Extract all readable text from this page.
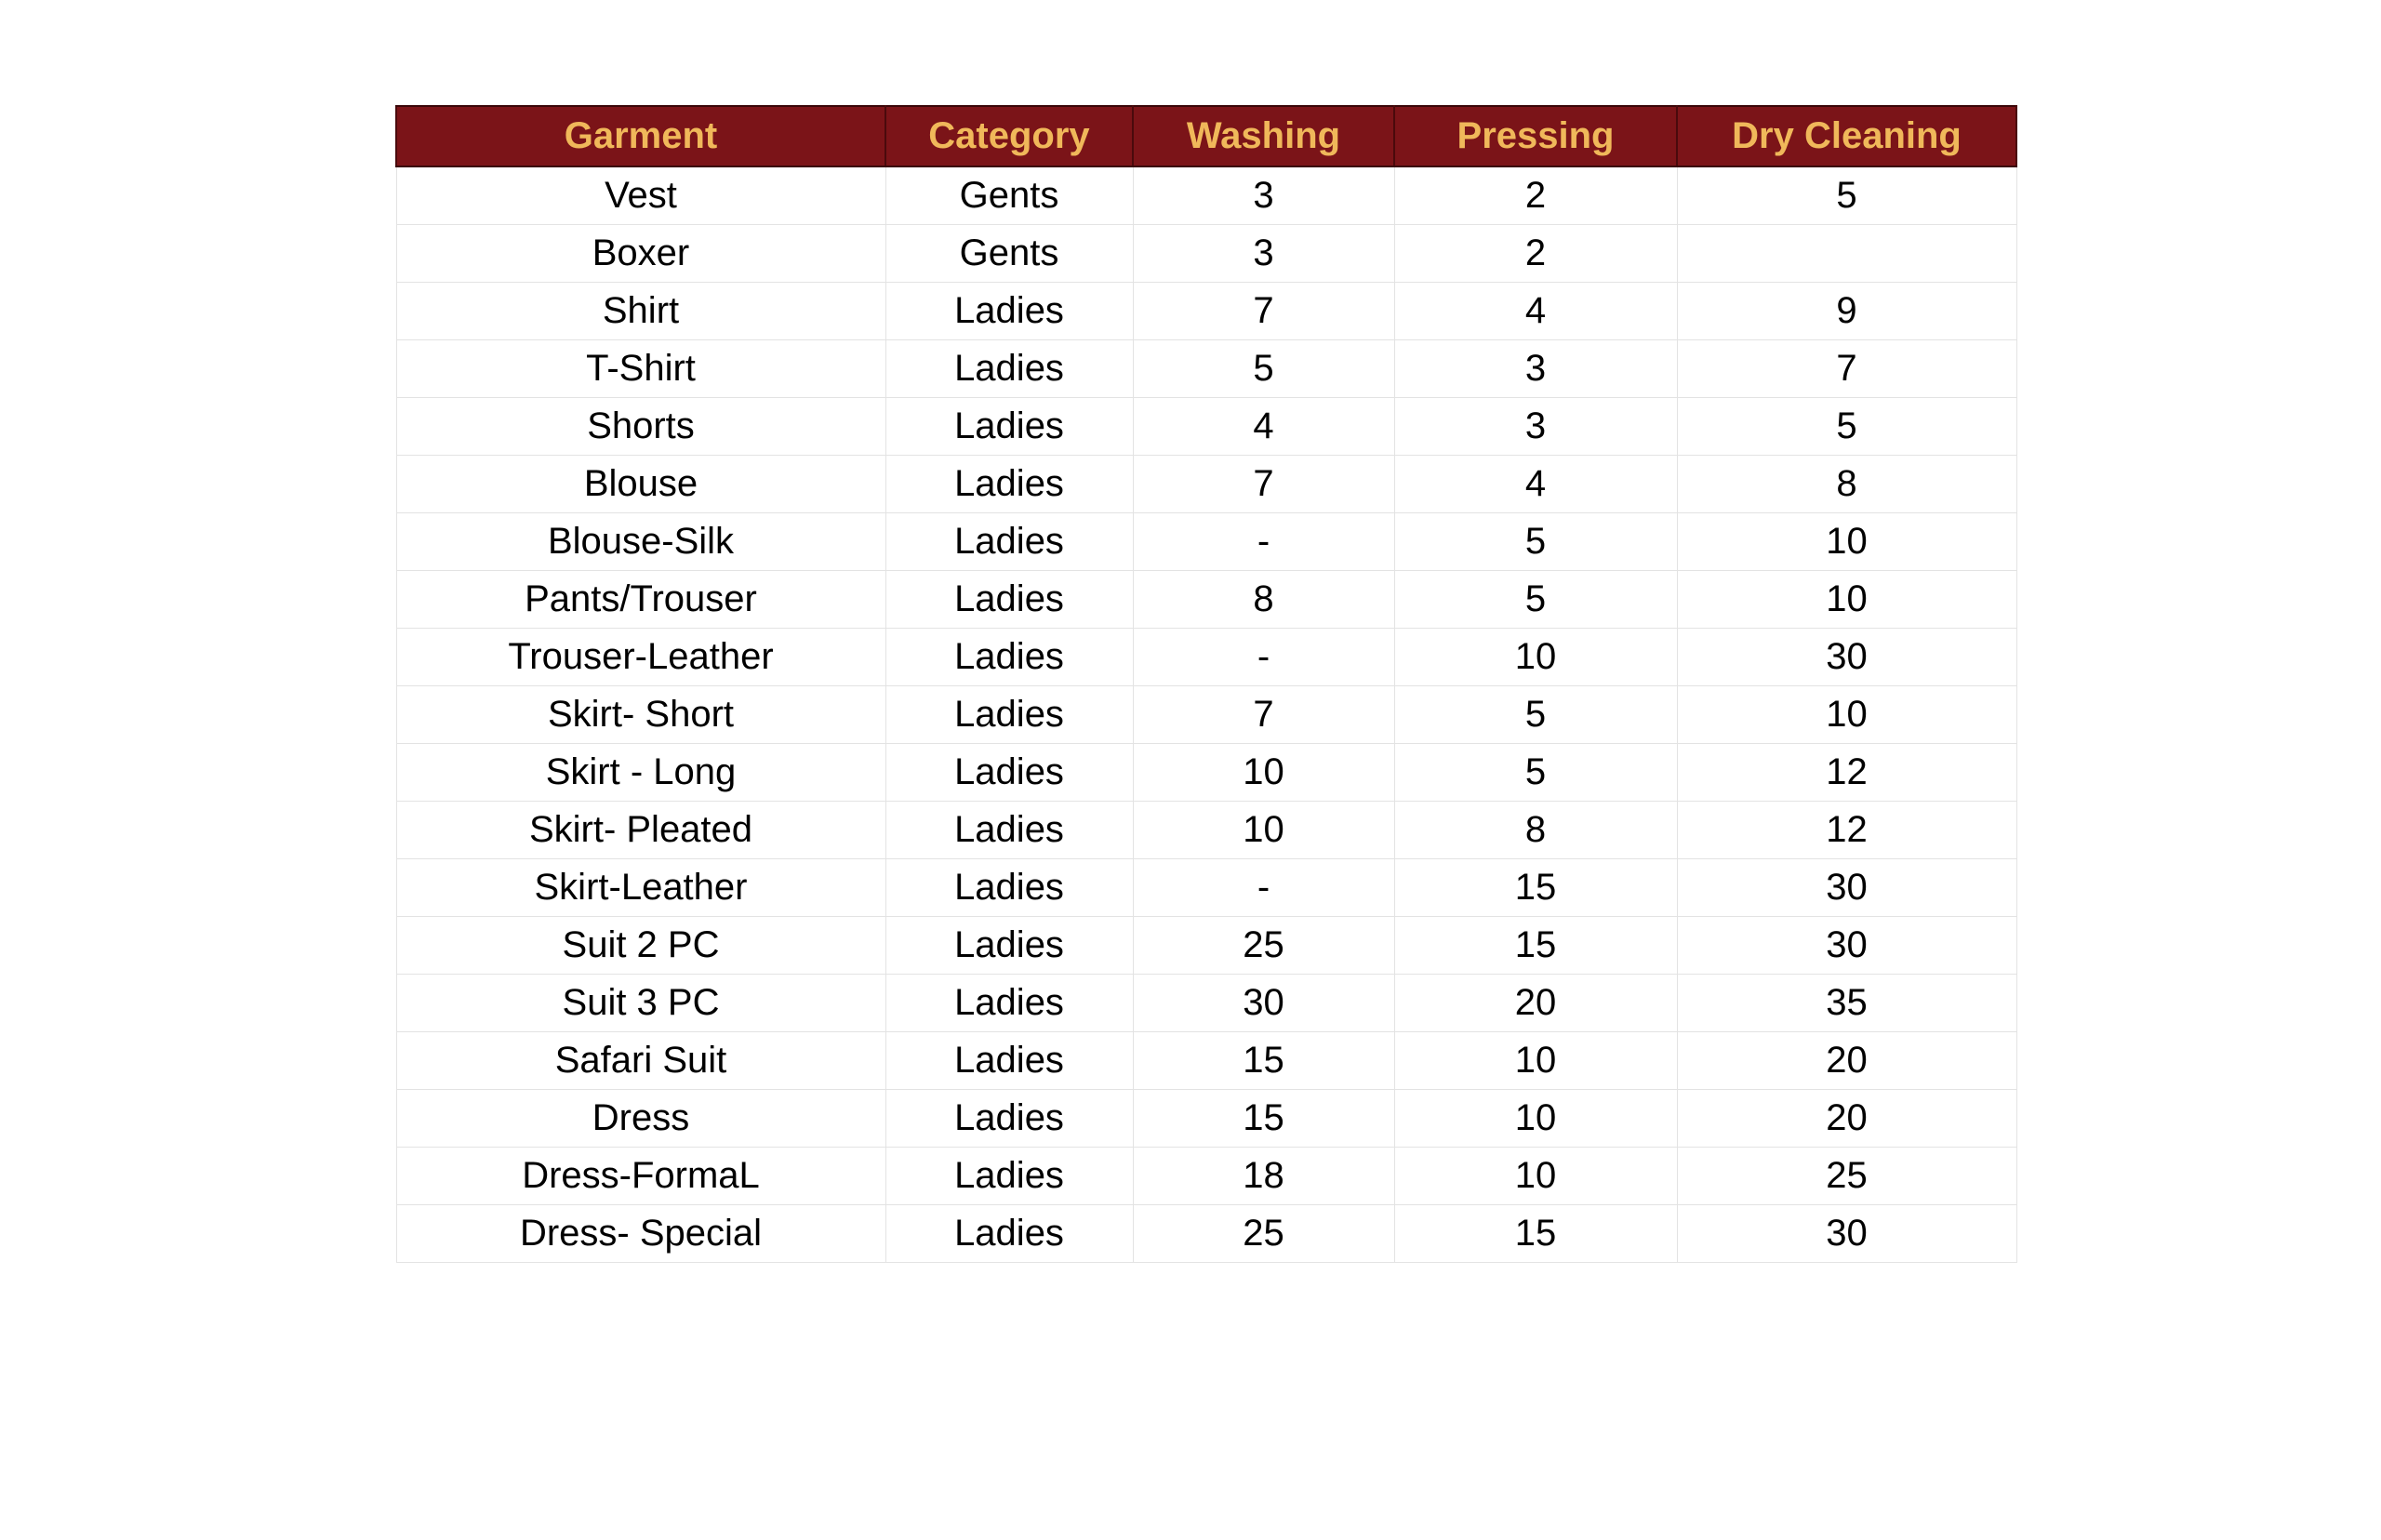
Garment	Category	Washing	Pressing	Dry Cleaning
Vest	Gents	3	2	5
Boxer	Gents	3	2	
Shirt	Ladies	7	4	9
T-Shirt	Ladies	5	3	7
Shorts	Ladies	4	3	5
Blouse	Ladies	7	4	8
Blouse-Silk	Ladies	-	5	10
Pants/Trouser	Ladies	8	5	10
Trouser-Leather	Ladies	-	10	30
Skirt- Short	Ladies	7	5	10
Skirt - Long	Ladies	10	5	12
Skirt- Pleated	Ladies	10	8	12
Skirt-Leather	Ladies	-	15	30
Suit 2 PC	Ladies	25	15	30
Suit 3 PC	Ladies	30	20	35
Safari Suit	Ladies	15	10	20
Dress	Ladies	15	10	20
Dress-FormaL	Ladies	18	10	25
Dress- Special	Ladies	25	15	30
